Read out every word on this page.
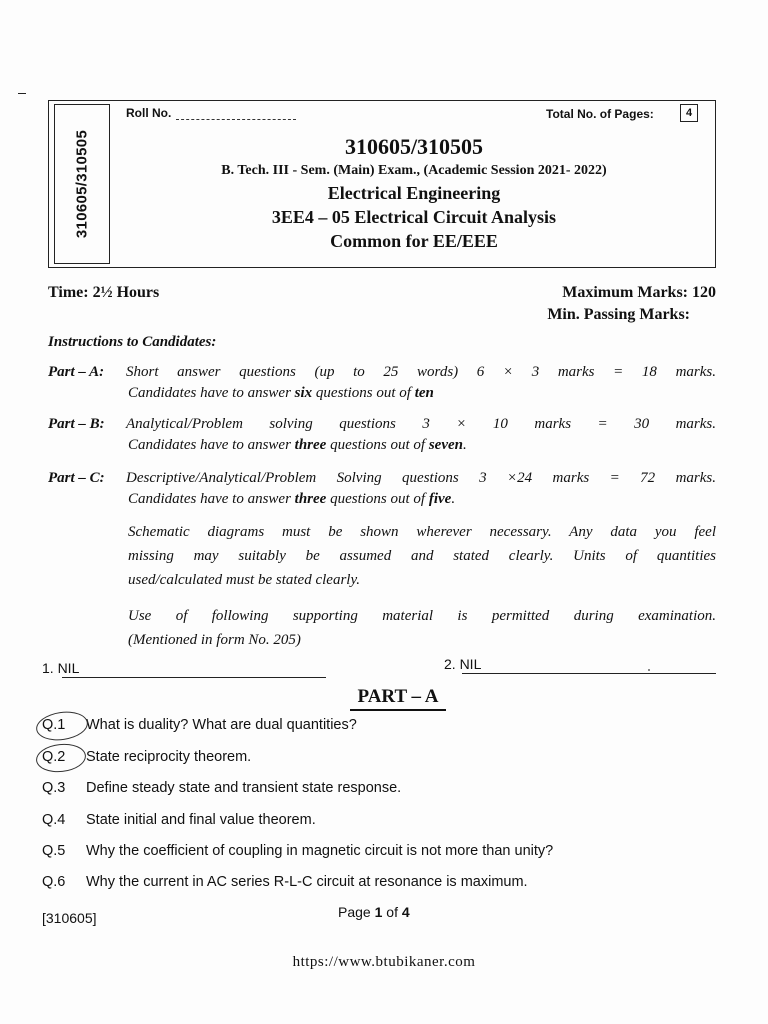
310605/310505
Roll No.	Total No. of Pages:	4
310605/310505
B. Tech. III - Sem. (Main) Exam., (Academic Session 2021- 2022)
Electrical Engineering
3EE4 – 05 Electrical Circuit Analysis
Common for EE/EEE
Time: 2½ Hours	Maximum Marks: 120
Min. Passing Marks:
Instructions to Candidates:
Part – A: Short answer questions (up to 25 words) 6 × 3 marks = 18 marks.
Candidates have to answer six questions out of ten
Part – B: Analytical/Problem solving questions 3 × 10 marks = 30 marks.
Candidates have to answer three questions out of seven.
Part – C: Descriptive/Analytical/Problem Solving questions 3 ×24 marks = 72 marks.
Candidates have to answer three questions out of five.
Schematic diagrams must be shown wherever necessary. Any data you feel
missing may suitably be assumed and stated clearly. Units of quantities
used/calculated must be stated clearly.
Use of following supporting material is permitted during examination.
(Mentioned in form No. 205)
1. NIL	2. NIL
PART – A
Q.1 What is duality? What are dual quantities?
Q.2 State reciprocity theorem.
Q.3 Define steady state and transient state response.
Q.4 State initial and final value theorem.
Q.5 Why the coefficient of coupling in magnetic circuit is not more than unity?
Q.6 Why the current in AC series R-L-C circuit at resonance is maximum.
[310605]	Page 1 of 4
https://www.btubikaner.com
